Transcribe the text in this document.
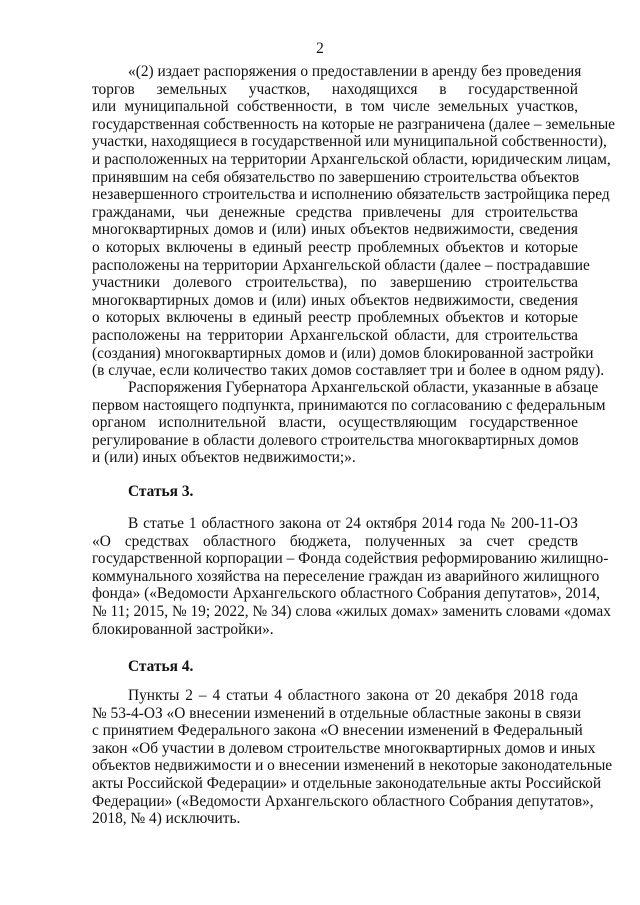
2
«(2) издает распоряжения о предоставлении в аренду без проведения
торгов земельных участков, находящихся в государственной
или муниципальной собственности, в том числе земельных участков,
государственная собственность на которые не разграничена (далее – земельные
участки, находящиеся в государственной или муниципальной собственности),
и расположенных на территории Архангельской области, юридическим лицам,
принявшим на себя обязательство по завершению строительства объектов
незавершенного строительства и исполнению обязательств застройщика перед
гражданами, чьи денежные средства привлечены для строительства
многоквартирных домов и (или) иных объектов недвижимости, сведения
о которых включены в единый реестр проблемных объектов и которые
расположены на территории Архангельской области (далее – пострадавшие
участники долевого строительства), по завершению строительства
многоквартирных домов и (или) иных объектов недвижимости, сведения
о которых включены в единый реестр проблемных объектов и которые
расположены на территории Архангельской области, для строительства
(создания) многоквартирных домов и (или) домов блокированной застройки
(в случае, если количество таких домов составляет три и более в одном ряду).
Распоряжения Губернатора Архангельской области, указанные в абзаце
первом настоящего подпункта, принимаются по согласованию с федеральным
органом исполнительной власти, осуществляющим государственное
регулирование в области долевого строительства многоквартирных домов
и (или) иных объектов недвижимости;».
Статья 3.
В статье 1 областного закона от 24 октября 2014 года № 200-11-ОЗ
«О средствах областного бюджета, полученных за счет средств
государственной корпорации – Фонда содействия реформированию жилищно-
коммунального хозяйства на переселение граждан из аварийного жилищного
фонда» («Ведомости Архангельского областного Собрания депутатов», 2014,
№ 11; 2015, № 19; 2022, № 34) слова «жилых домах» заменить словами «домах
блокированной застройки».
Статья 4.
Пункты 2 – 4 статьи 4 областного закона от 20 декабря 2018 года
№ 53-4-ОЗ «О внесении изменений в отдельные областные законы в связи
с принятием Федерального закона «О внесении изменений в Федеральный
закон «Об участии в долевом строительстве многоквартирных домов и иных
объектов недвижимости и о внесении изменений в некоторые законодательные
акты Российской Федерации» и отдельные законодательные акты Российской
Федерации» («Ведомости Архангельского областного Собрания депутатов»,
2018, № 4) исключить.
